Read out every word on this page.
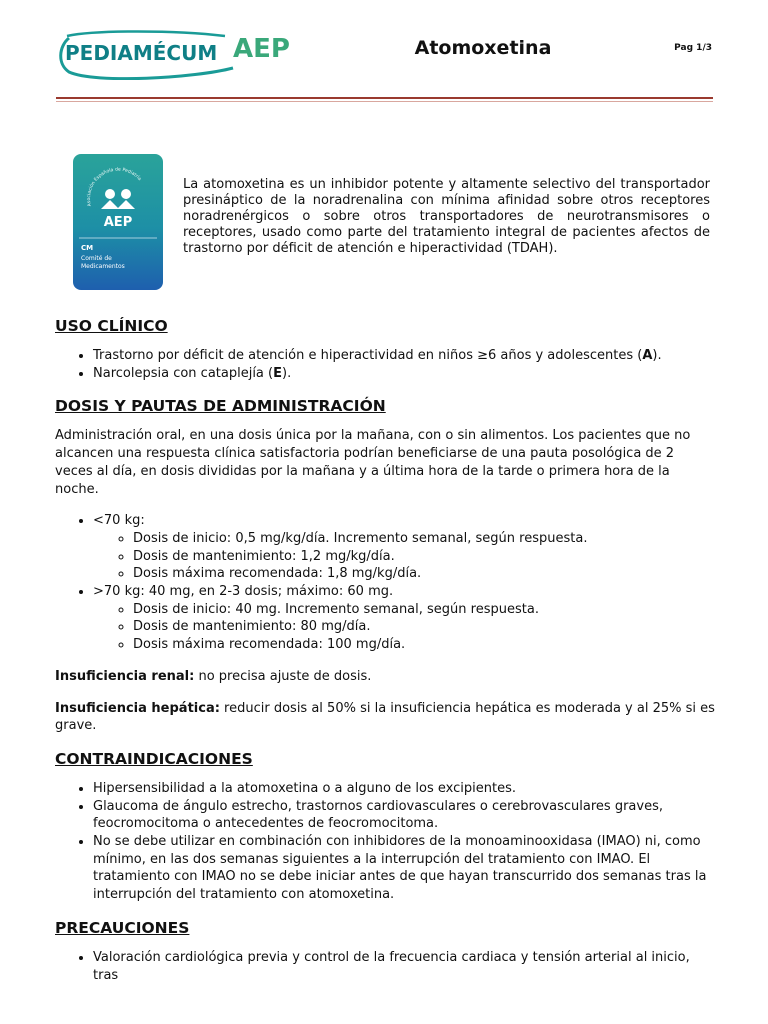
PEDIAMÉCUM AEP	Atomoxetina	Pag 1/3
Asociación Española de Pediatría
AEP
CM
Comité de
Medicamentos

La atomoxetina es un inhibidor potente y altamente selectivo del transportador presináptico de la noradrenalina con mínima afinidad sobre otros receptores noradrenérgicos o sobre otros transportadores de neurotransmisores o receptores, usado como parte del tratamiento integral de pacientes afectos de trastorno por déficit de atención e hiperactividad (TDAH).

USO CLÍNICO
• Trastorno por déficit de atención e hiperactividad en niños ≥6 años y adolescentes (A).
• Narcolepsia con cataplejía (E).
DOSIS Y PAUTAS DE ADMINISTRACIÓN

Administración oral, en una dosis única por la mañana, con o sin alimentos. Los pacientes que no alcancen una respuesta clínica satisfactoria podrían beneficiarse de una pauta posológica de 2 veces al día, en dosis divididas por la mañana y a última hora de la tarde o primera hora de la noche.

• <70 kg:
◦ Dosis de inicio: 0,5 mg/kg/día. Incremento semanal, según respuesta.
◦ Dosis de mantenimiento: 1,2 mg/kg/día.
◦ Dosis máxima recomendada: 1,8 mg/kg/día.
• >70 kg: 40 mg, en 2-3 dosis; máximo: 60 mg.
◦ Dosis de inicio: 40 mg. Incremento semanal, según respuesta.
◦ Dosis de mantenimiento: 80 mg/día.
◦ Dosis máxima recomendada: 100 mg/día.

Insuficiencia renal: no precisa ajuste de dosis.

Insuficiencia hepática: reducir dosis al 50% si la insuficiencia hepática es moderada y al 25% si es grave.

CONTRAINDICACIONES
• Hipersensibilidad a la atomoxetina o a alguno de los excipientes.
• Glaucoma de ángulo estrecho, trastornos cardiovasculares o cerebrovasculares graves, feocromocitoma o antecedentes de feocromocitoma.
• No se debe utilizar en combinación con inhibidores de la monoaminooxidasa (IMAO) ni, como mínimo, en las dos semanas siguientes a la interrupción del tratamiento con IMAO. El tratamiento con IMAO no se debe iniciar antes de que hayan transcurrido dos semanas tras la interrupción del tratamiento con atomoxetina.
PRECAUCIONES
• Valoración cardiológica previa y control de la frecuencia cardiaca y tensión arterial al inicio, tras
